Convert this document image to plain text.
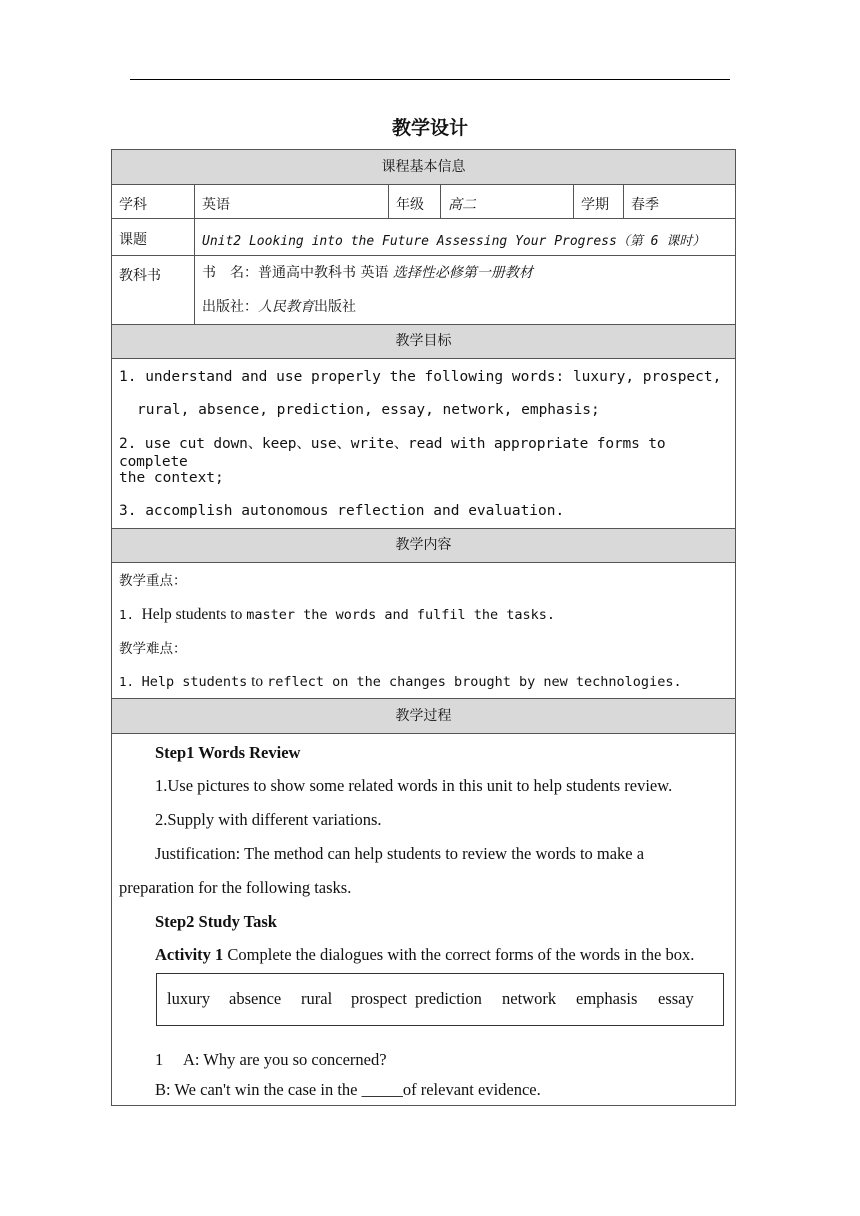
教学设计
课程基本信息
学科	英语	年级	高二	学期	春季
课题	Unit2 Looking into the Future Assessing Your Progress（第 6 课时）
教科书	书　名：普通高中教科书 英语 选择性必修第一册教材
出版社：人民教育出版社
教学目标
1. understand and use properly the following words: luxury, prospect,
rural, absence, prediction, essay, network, emphasis;
2. use cut down、keep、use、write、read with appropriate forms to complete
the context;
3. accomplish autonomous reflection and evaluation.
教学内容
教学重点：
1. Help students to master the words and fulfil the tasks.
教学难点：
1. Help students to reflect on the changes brought by new technologies.
教学过程
Step1 Words Review
1.Use pictures to show some related words in this unit to help students review.
2.Supply with different variations.
Justification: The method can help students to review the words to make a
preparation for the following tasks.
Step2 Study Task
Activity 1 Complete the dialogues with the correct forms of the words in the box.
1　 A: Why are you so concerned?
B: We can't win the case in the _____of relevant evidence.
luxury absence rural prospect prediction network emphasis essay
